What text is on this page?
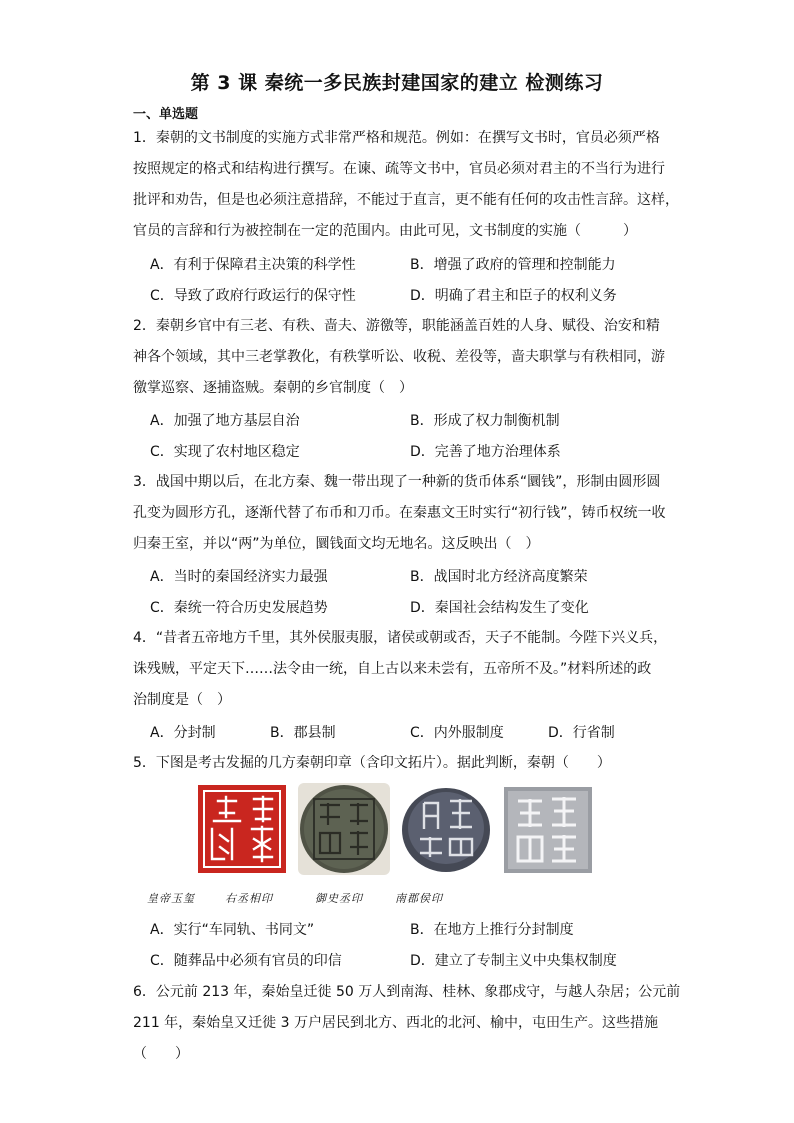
第 3 课 秦统一多民族封建国家的建立 检测练习
一、单选题
1．秦朝的文书制度的实施方式非常严格和规范。例如：在撰写文书时，官员必须严格
按照规定的格式和结构进行撰写。在谏、疏等文书中，官员必须对君主的不当行为进行
批评和劝告，但是也必须注意措辞，不能过于直言，更不能有任何的攻击性言辞。这样，
官员的言辞和行为被控制在一定的范围内。由此可见，文书制度的实施（　　　）
A．有利于保障君主决策的科学性	B．增强了政府的管理和控制能力
C．导致了政府行政运行的保守性	D．明确了君主和臣子的权利义务
2．秦朝乡官中有三老、有秩、啬夫、游徼等，职能涵盖百姓的人身、赋役、治安和精
神各个领域，其中三老掌教化，有秩掌听讼、收税、差役等，啬夫职掌与有秩相同，游
徼掌巡察、逐捕盗贼。秦朝的乡官制度（　）
A．加强了地方基层自治	B．形成了权力制衡机制
C．实现了农村地区稳定	D．完善了地方治理体系
3．战国中期以后，在北方秦、魏一带出现了一种新的货币体系“圜钱”，形制由圆形圆
孔变为圆形方孔，逐渐代替了布币和刀币。在秦惠文王时实行“初行钱”，铸币权统一收
归秦王室，并以“两”为单位，圜钱面文均无地名。这反映出（　）
A．当时的秦国经济实力最强	B．战国时北方经济高度繁荣
C．秦统一符合历史发展趋势	D．秦国社会结构发生了变化
4．“昔者五帝地方千里，其外侯服夷服，诸侯或朝或否，天子不能制。今陛下兴义兵，
诛残贼，平定天下……法令由一统，自上古以来未尝有，五帝所不及。”材料所述的政
治制度是（　）
A．分封制	B．郡县制	C．内外服制度	D．行省制
5．下图是考古发掘的几方秦朝印章（含印文拓片）。据此判断，秦朝（　　）
皇帝玉玺	右丞相印	御史丞印	南郡侯印
A．实行“车同轨、书同文”	B．在地方上推行分封制度
C．随葬品中必须有官员的印信	D．建立了专制主义中央集权制度
6．公元前 213 年，秦始皇迁徙 50 万人到南海、桂林、象郡戍守，与越人杂居；公元前
211 年，秦始皇又迁徙 3 万户居民到北方、西北的北河、榆中，屯田生产。这些措施
（　　）
